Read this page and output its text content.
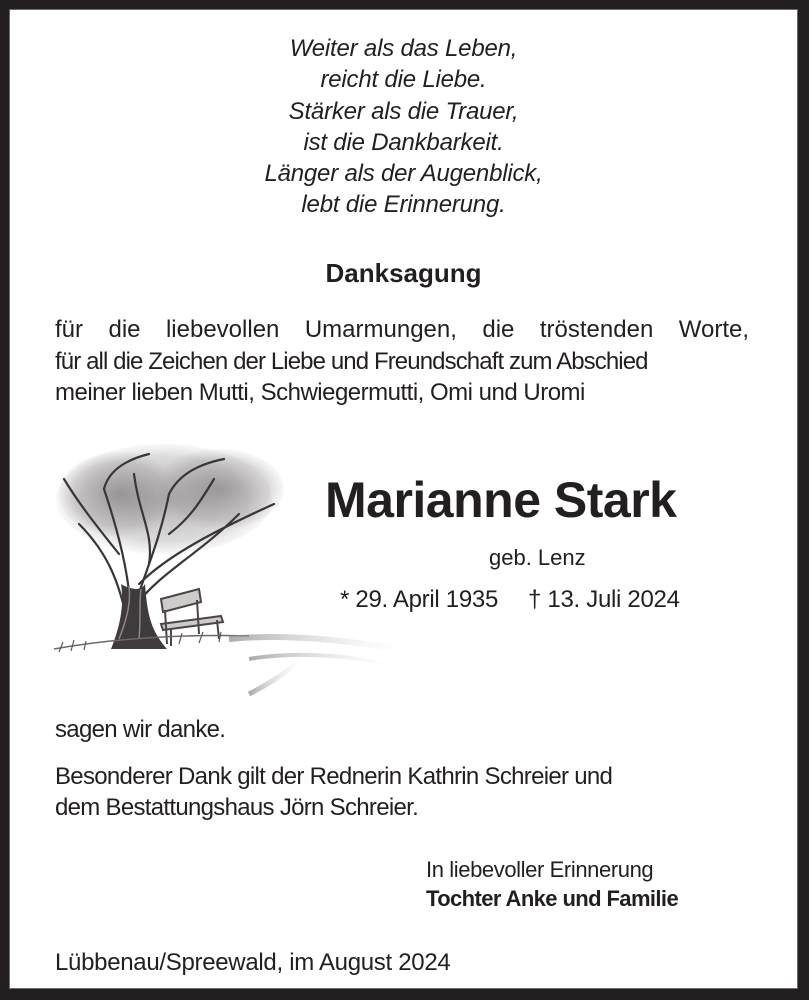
Weiter als das Leben,
reicht die Liebe.
Stärker als die Trauer,
ist die Dankbarkeit.
Länger als der Augenblick,
lebt die Erinnerung.
Danksagung
für die liebevollen Umarmungen, die tröstenden Worte,
für all die Zeichen der Liebe und Freundschaft zum Abschied
meiner lieben Mutti, Schwiegermutti, Omi und Uromi
Marianne Stark
geb. Lenz
* 29. April 1935 † 13. Juli 2024
sagen wir danke.
Besonderer Dank gilt der Rednerin Kathrin Schreier und
dem Bestattungshaus Jörn Schreier.
In liebevoller Erinnerung
Tochter Anke und Familie
Lübbenau/Spreewald, im August 2024
